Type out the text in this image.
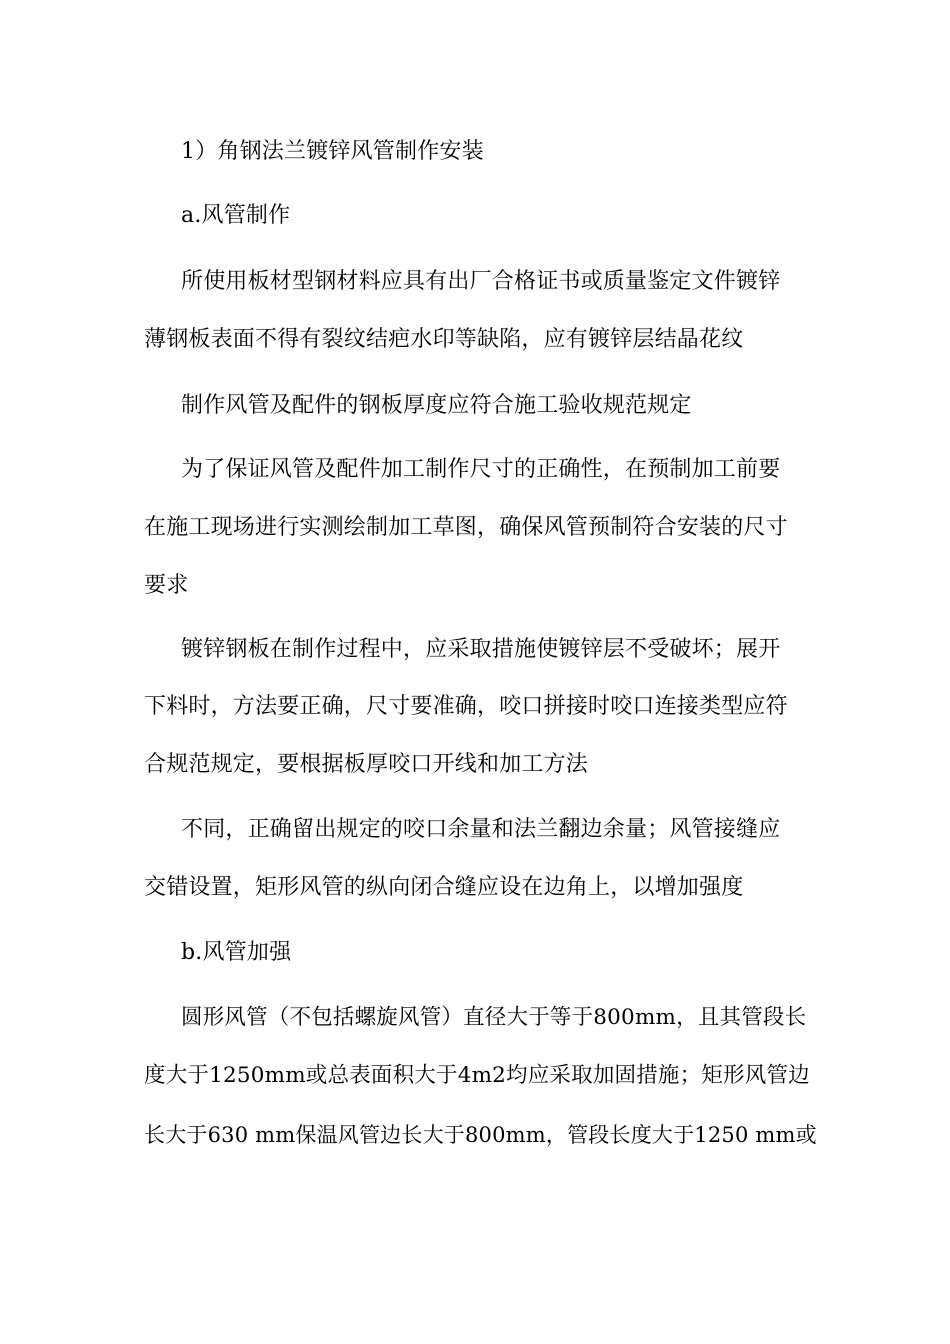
1）角钢法兰镀锌风管制作安装
a.风管制作
所使用板材型钢材料应具有出厂合格证书或质量鉴定文件镀锌
薄钢板表面不得有裂纹结疤水印等缺陷，应有镀锌层结晶花纹
制作风管及配件的钢板厚度应符合施工验收规范规定
为了保证风管及配件加工制作尺寸的正确性，在预制加工前要
在施工现场进行实测绘制加工草图，确保风管预制符合安装的尺寸
要求
镀锌钢板在制作过程中，应采取措施使镀锌层不受破坏；展开
下料时，方法要正确，尺寸要准确，咬口拼接时咬口连接类型应符
合规范规定，要根据板厚咬口开线和加工方法
不同，正确留出规定的咬口余量和法兰翻边余量；风管接缝应
交错设置，矩形风管的纵向闭合缝应设在边角上，以增加强度
b.风管加强
圆形风管（不包括螺旋风管）直径大于等于800mm，且其管段长
度大于1250mm或总表面积大于4m2均应采取加固措施；矩形风管边
长大于630 mm保温风管边长大于800mm，管段长度大于1250 mm或
